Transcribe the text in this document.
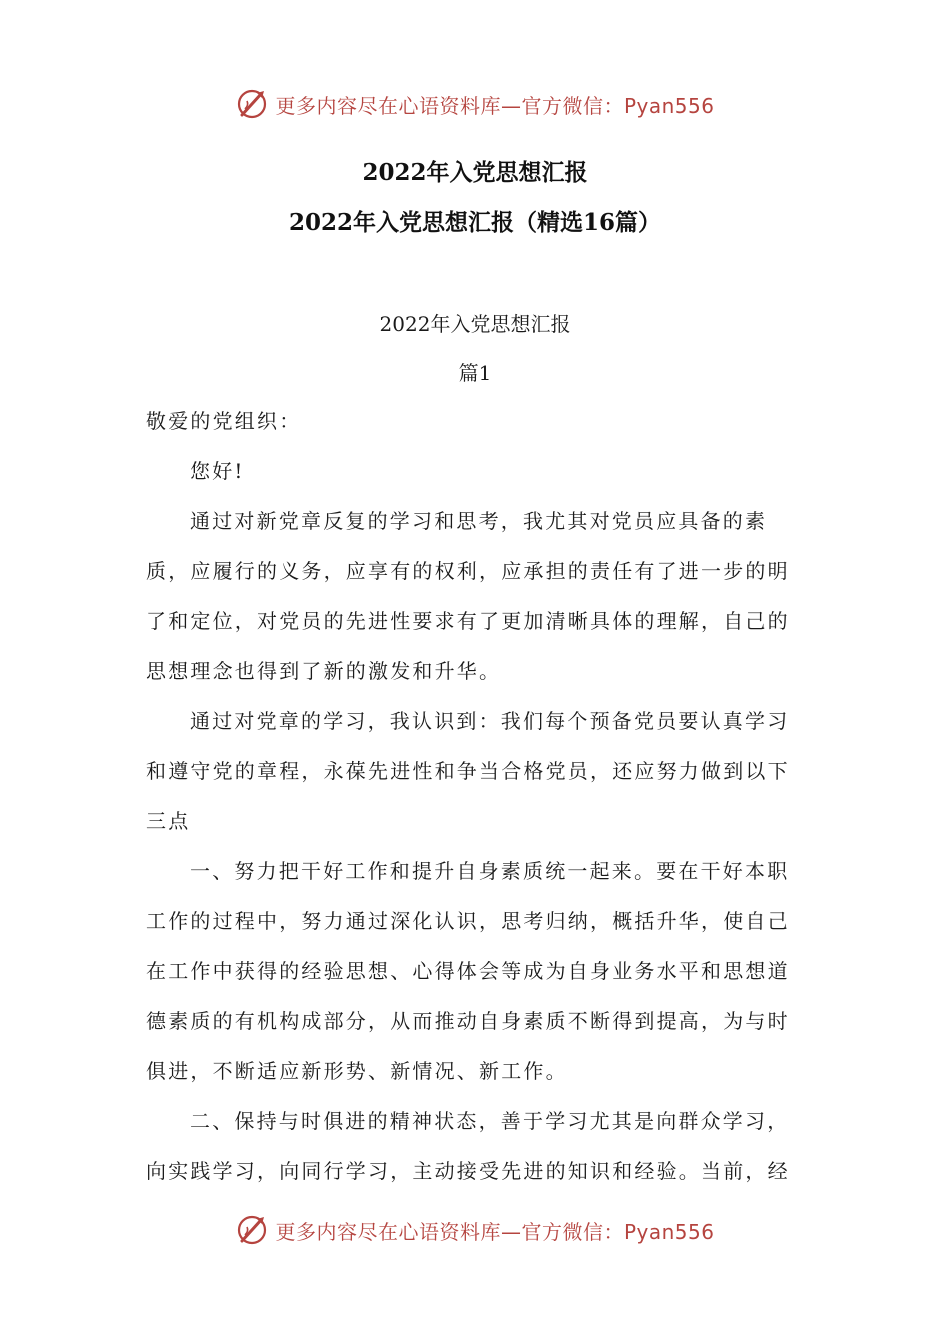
更多内容尽在心语资料库—官方微信：Pyan556
2022年入党思想汇报
2022年入党思想汇报（精选16篇）
2022年入党思想汇报
篇1

敬爱的党组织：

您好!

通过对新党章反复的学习和思考，我尤其对党员应具备的素质，应履行的义务，应享有的权利，应承担的责任有了进一步的明了和定位，对党员的先进性要求有了更加清晰具体的理解，自己的思想理念也得到了新的激发和升华。

通过对党章的学习，我认识到：我们每个预备党员要认真学习和遵守党的章程，永葆先进性和争当合格党员，还应努力做到以下三点

一、努力把干好工作和提升自身素质统一起来。要在干好本职工作的过程中，努力通过深化认识，思考归纳，概括升华，使自己在工作中获得的经验思想、心得体会等成为自身业务水平和思想道德素质的有机构成部分，从而推动自身素质不断得到提高，为与时俱进，不断适应新形势、新情况、新工作。

二、保持与时俱进的精神状态，善于学习尤其是向群众学习，向实践学习，向同行学习，主动接受先进的知识和经验。当前，经

更多内容尽在心语资料库—官方微信：Pyan556
